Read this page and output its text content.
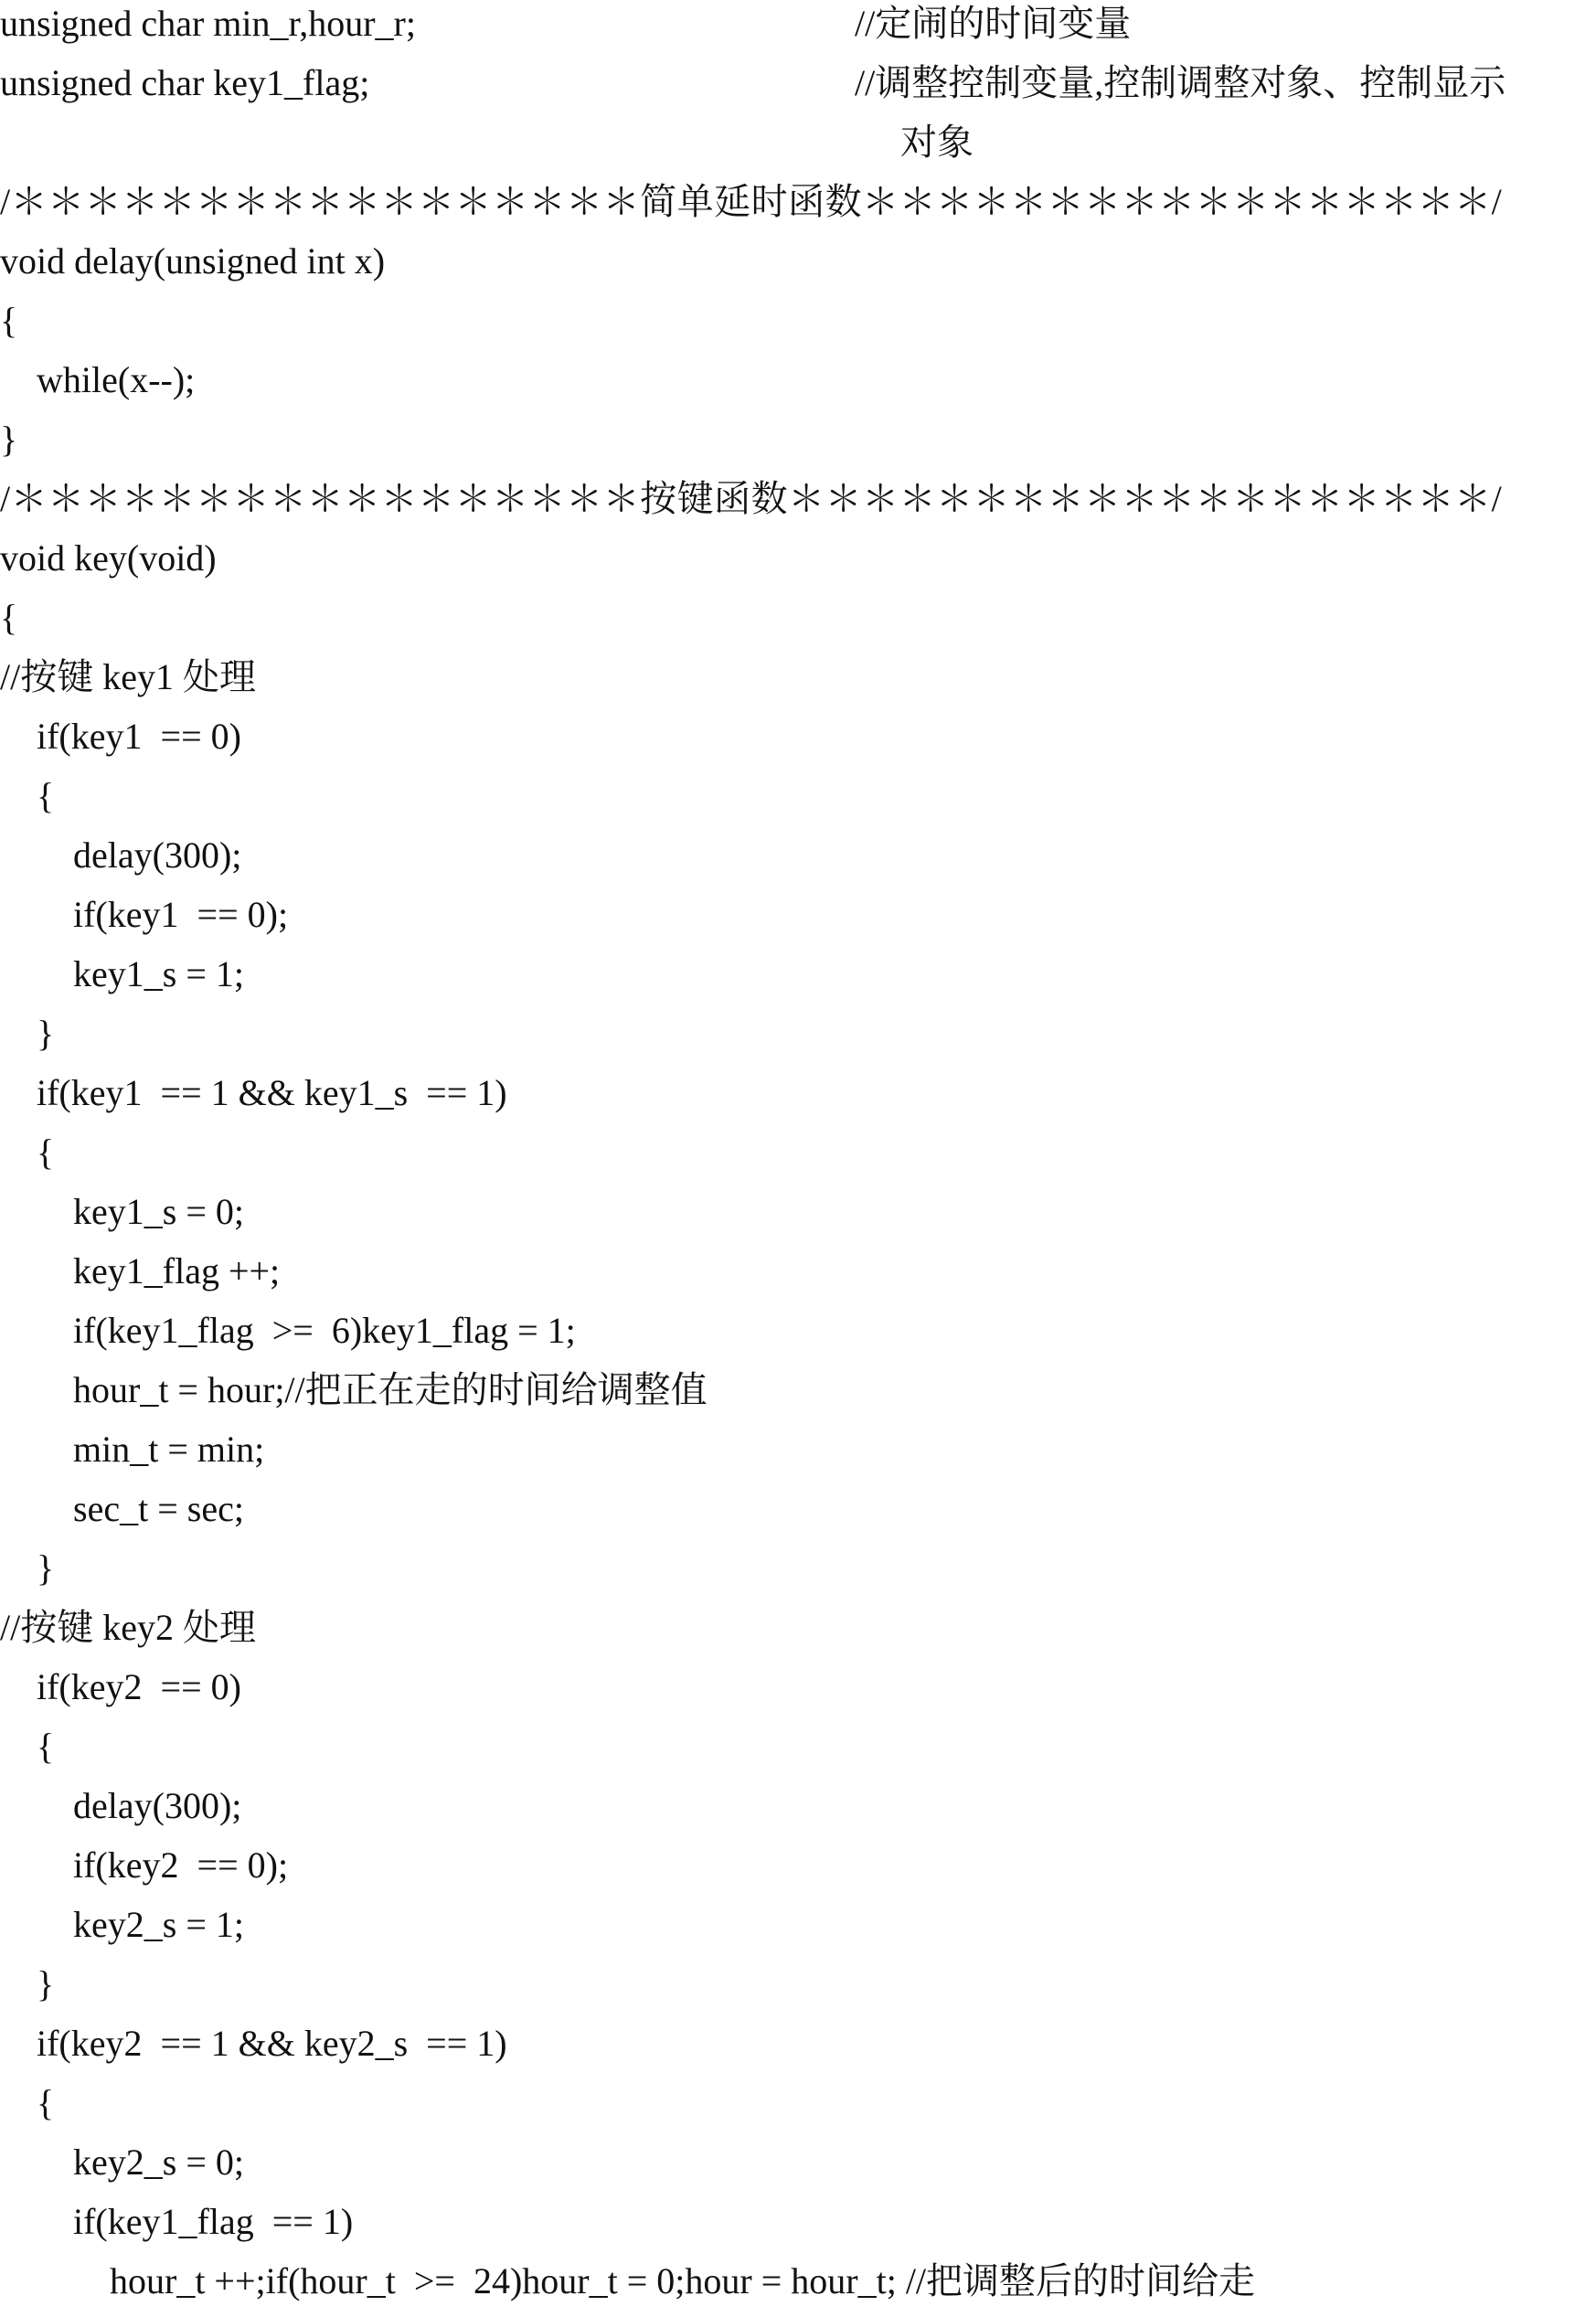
unsigned char min_r,hour_r;	//定闹的时间变量
unsigned char key1_flag;	//调整控制变量,控制调整对象、控制显示
对象
/＊＊＊＊＊＊＊＊＊＊＊＊＊＊＊＊＊简单延时函数＊＊＊＊＊＊＊＊＊＊＊＊＊＊＊＊＊/
void delay(unsigned int x)
{
while(x--);
}
/＊＊＊＊＊＊＊＊＊＊＊＊＊＊＊＊＊按键函数＊＊＊＊＊＊＊＊＊＊＊＊＊＊＊＊＊＊＊/
void key(void)
{
//按键 key1 处理
if(key1  == 0)
{
delay(300);
if(key1  == 0);
key1_s = 1;
}
if(key1  == 1 && key1_s  == 1)
{
key1_s = 0;
key1_flag ++;
if(key1_flag  >=  6)key1_flag = 1;
hour_t = hour;//把正在走的时间给调整值
min_t = min;
sec_t = sec;
}
//按键 key2 处理
if(key2  == 0)
{
delay(300);
if(key2  == 0);
key2_s = 1;
}
if(key2  == 1 && key2_s  == 1)
{
key2_s = 0;
if(key1_flag  == 1)
hour_t ++;if(hour_t  >=  24)hour_t = 0;hour = hour_t; //把调整后的时间给走
